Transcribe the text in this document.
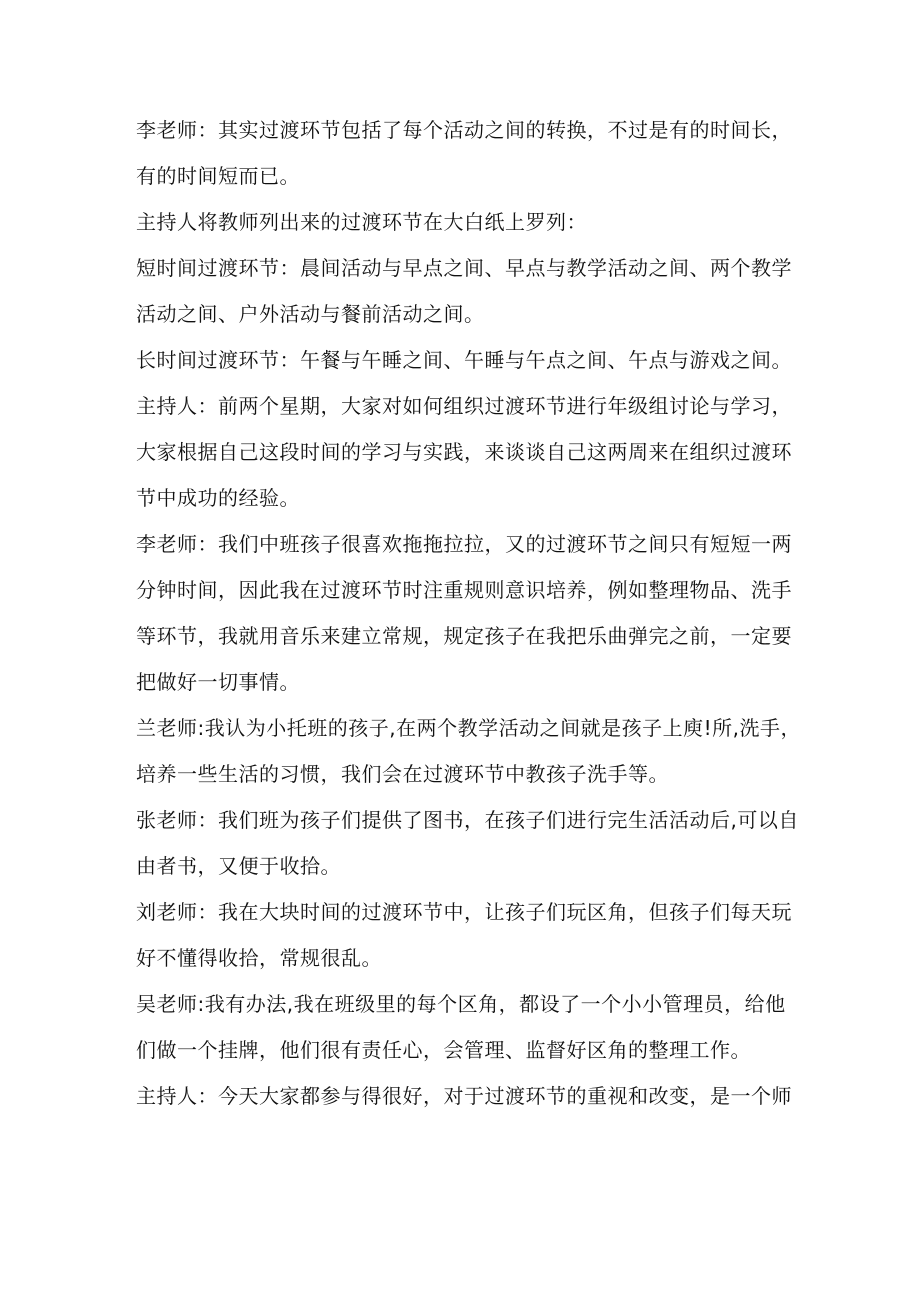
李老师：其实过渡环节包括了每个活动之间的转换，不过是有的时间长，
有的时间短而已。
主持人将教师列出来的过渡环节在大白纸上罗列：
短时间过渡环节：晨间活动与早点之间、早点与教学活动之间、两个教学
活动之间、户外活动与餐前活动之间。
长时间过渡环节：午餐与午睡之间、午睡与午点之间、午点与游戏之间。
主持人：前两个星期，大家对如何组织过渡环节进行年级组讨论与学习，
大家根据自己这段时间的学习与实践，来谈谈自己这两周来在组织过渡环
节中成功的经验。
李老师：我们中班孩子很喜欢拖拖拉拉，又的过渡环节之间只有短短一两
分钟时间，因此我在过渡环节时注重规则意识培养，例如整理物品、洗手
等环节，我就用音乐来建立常规，规定孩子在我把乐曲弹完之前，一定要
把做好一切事情。
兰老师:我认为小托班的孩子,在两个教学活动之间就是孩子上庾!所,洗手，
培养一些生活的习惯，我们会在过渡环节中教孩子洗手等。
张老师：我们班为孩子们提供了图书，在孩子们进行完生活活动后,可以自
由者书，又便于收拾。
刘老师：我在大块时间的过渡环节中，让孩子们玩区角，但孩子们每天玩
好不懂得收拾，常规很乱。
吴老师:我有办法,我在班级里的每个区角，都设了一个小小管理员，给他
们做一个挂牌，他们很有责任心，会管理、监督好区角的整理工作。
主持人：今天大家都参与得很好，对于过渡环节的重视和改变，是一个师
